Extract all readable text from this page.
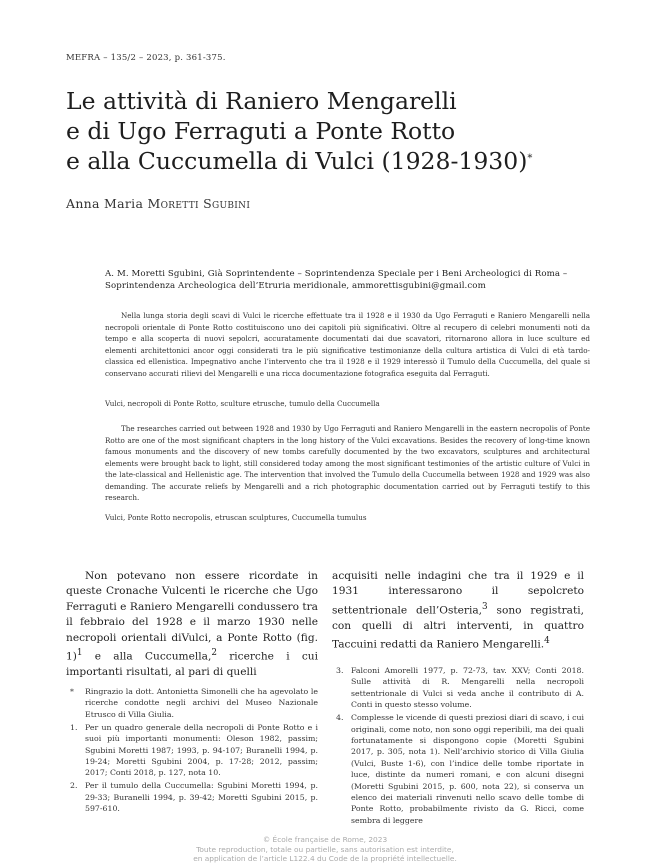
MEFRA – 135/2 – 2023, p. 361-375.
Le attività di Raniero Mengarelli
e di Ugo Ferraguti a Ponte Rotto
e alla Cuccumella di Vulci (1928-1930)*
Anna Maria Moretti Sgubini
A. M. Moretti Sgubini, Già Soprintendente – Soprintendenza Speciale per i Beni Archeologici di Roma – Soprintendenza Archeologica dell’Etruria meridionale, ammorettisgubini@gmail.com

Nella lunga storia degli scavi di Vulci le ricerche effettuate tra il 1928 e il 1930 da Ugo Ferraguti e Raniero Mengarelli nella necropoli orientale di Ponte Rotto costituiscono uno dei capitoli più significativi. Oltre al recupero di celebri monumenti noti da tempo e alla scoperta di nuovi sepolcri, accuratamente documentati dai due scavatori, ritornarono allora in luce sculture ed elementi architettonici ancor oggi considerati tra le più significative testimonianze della cultura artistica di Vulci di età tardo-classica ed ellenistica. Impegnativo anche l’intervento che tra il 1928 e il 1929 interessò il Tumulo della Cuccumella, del quale si conservano accurati rilievi del Mengarelli e una ricca documentazione fotografica eseguita dal Ferraguti.

Vulci, necropoli di Ponte Rotto, sculture etrusche, tumulo della Cuccumella

The researches carried out between 1928 and 1930 by Ugo Ferraguti and Raniero Mengarelli in the eastern necropolis of Ponte Rotto are one of the most significant chapters in the long history of the Vulci excavations. Besides the recovery of long-time known famous monuments and the discovery of new tombs carefully documented by the two excavators, sculptures and architectural elements were brought back to light, still considered today among the most significant testimonies of the artistic culture of Vulci in the late-classical and Hellenistic age. The intervention that involved the Tumulo della Cuccumella between 1928 and 1929 was also demanding. The accurate reliefs by Mengarelli and a rich photographic documentation carried out by Ferraguti testify to this research.

Vulci, Ponte Rotto necropolis, etruscan sculptures, Cuccumella tumulus

Non potevano non essere ricordate in queste Cronache Vulcenti le ricerche che Ugo Ferraguti e Raniero Mengarelli condussero tra il febbraio del 1928 e il marzo 1930 nelle necropoli orientali diVulci, a Ponte Rotto (fig. 1)$^1$ e alla Cuccumella,$^2$ ricerche i cui importanti risultati, al pari di quelli

acquisiti nelle indagini che tra il 1929 e il 1931 interessarono il sepolcreto settentrionale dell’Osteria,$^3$ sono registrati, con quelli di altri interventi, in quattro Taccuini redatti da Raniero Mengarelli.$^4$

* Ringrazio la dott. Antonietta Simonelli che ha agevolato le ricerche condotte negli archivi del Museo Nazionale Etrusco di Villa Giulia.
1. Per un quadro generale della necropoli di Ponte Rotto e i suoi più importanti monumenti: Oleson 1982, passim; Sgubini Moretti 1987; 1993, p. 94-107; Buranelli 1994, p. 19-24; Moretti Sgubini 2004, p. 17-28; 2012, passim; 2017; Conti 2018, p. 127, nota 10.
2. Per il tumulo della Cuccumella: Sgubini Moretti 1994, p. 29-33; Buranelli 1994, p. 39-42; Moretti Sgubini 2015, p. 597-610.
3. Falconi Amorelli 1977, p. 72-73, tav. XXV; Conti 2018. Sulle attività di R. Mengarelli nella necropoli settentrionale di Vulci si veda anche il contributo di A. Conti in questo stesso volume.
4. Complesse le vicende di questi preziosi diari di scavo, i cui originali, come noto, non sono oggi reperibili, ma dei quali fortunatamente si dispongono copie (Moretti Sgubini 2017, p. 305, nota 1). Nell’archivio storico di Villa Giulia (Vulci, Buste 1-6), con l’indice delle tombe riportate in luce, distinte da numeri romani, e con alcuni disegni (Moretti Sgubini 2015, p. 600, nota 22), si conserva un elenco dei materiali rinvenuti nello scavo delle tombe di Ponte Rotto, probabilmente rivisto da G. Ricci, come sembra di leggere
© École française de Rome, 2023
Toute reproduction, totale ou partielle, sans autorisation est interdite,
en application de l’article L122.4 du Code de la propriété intellectuelle.
